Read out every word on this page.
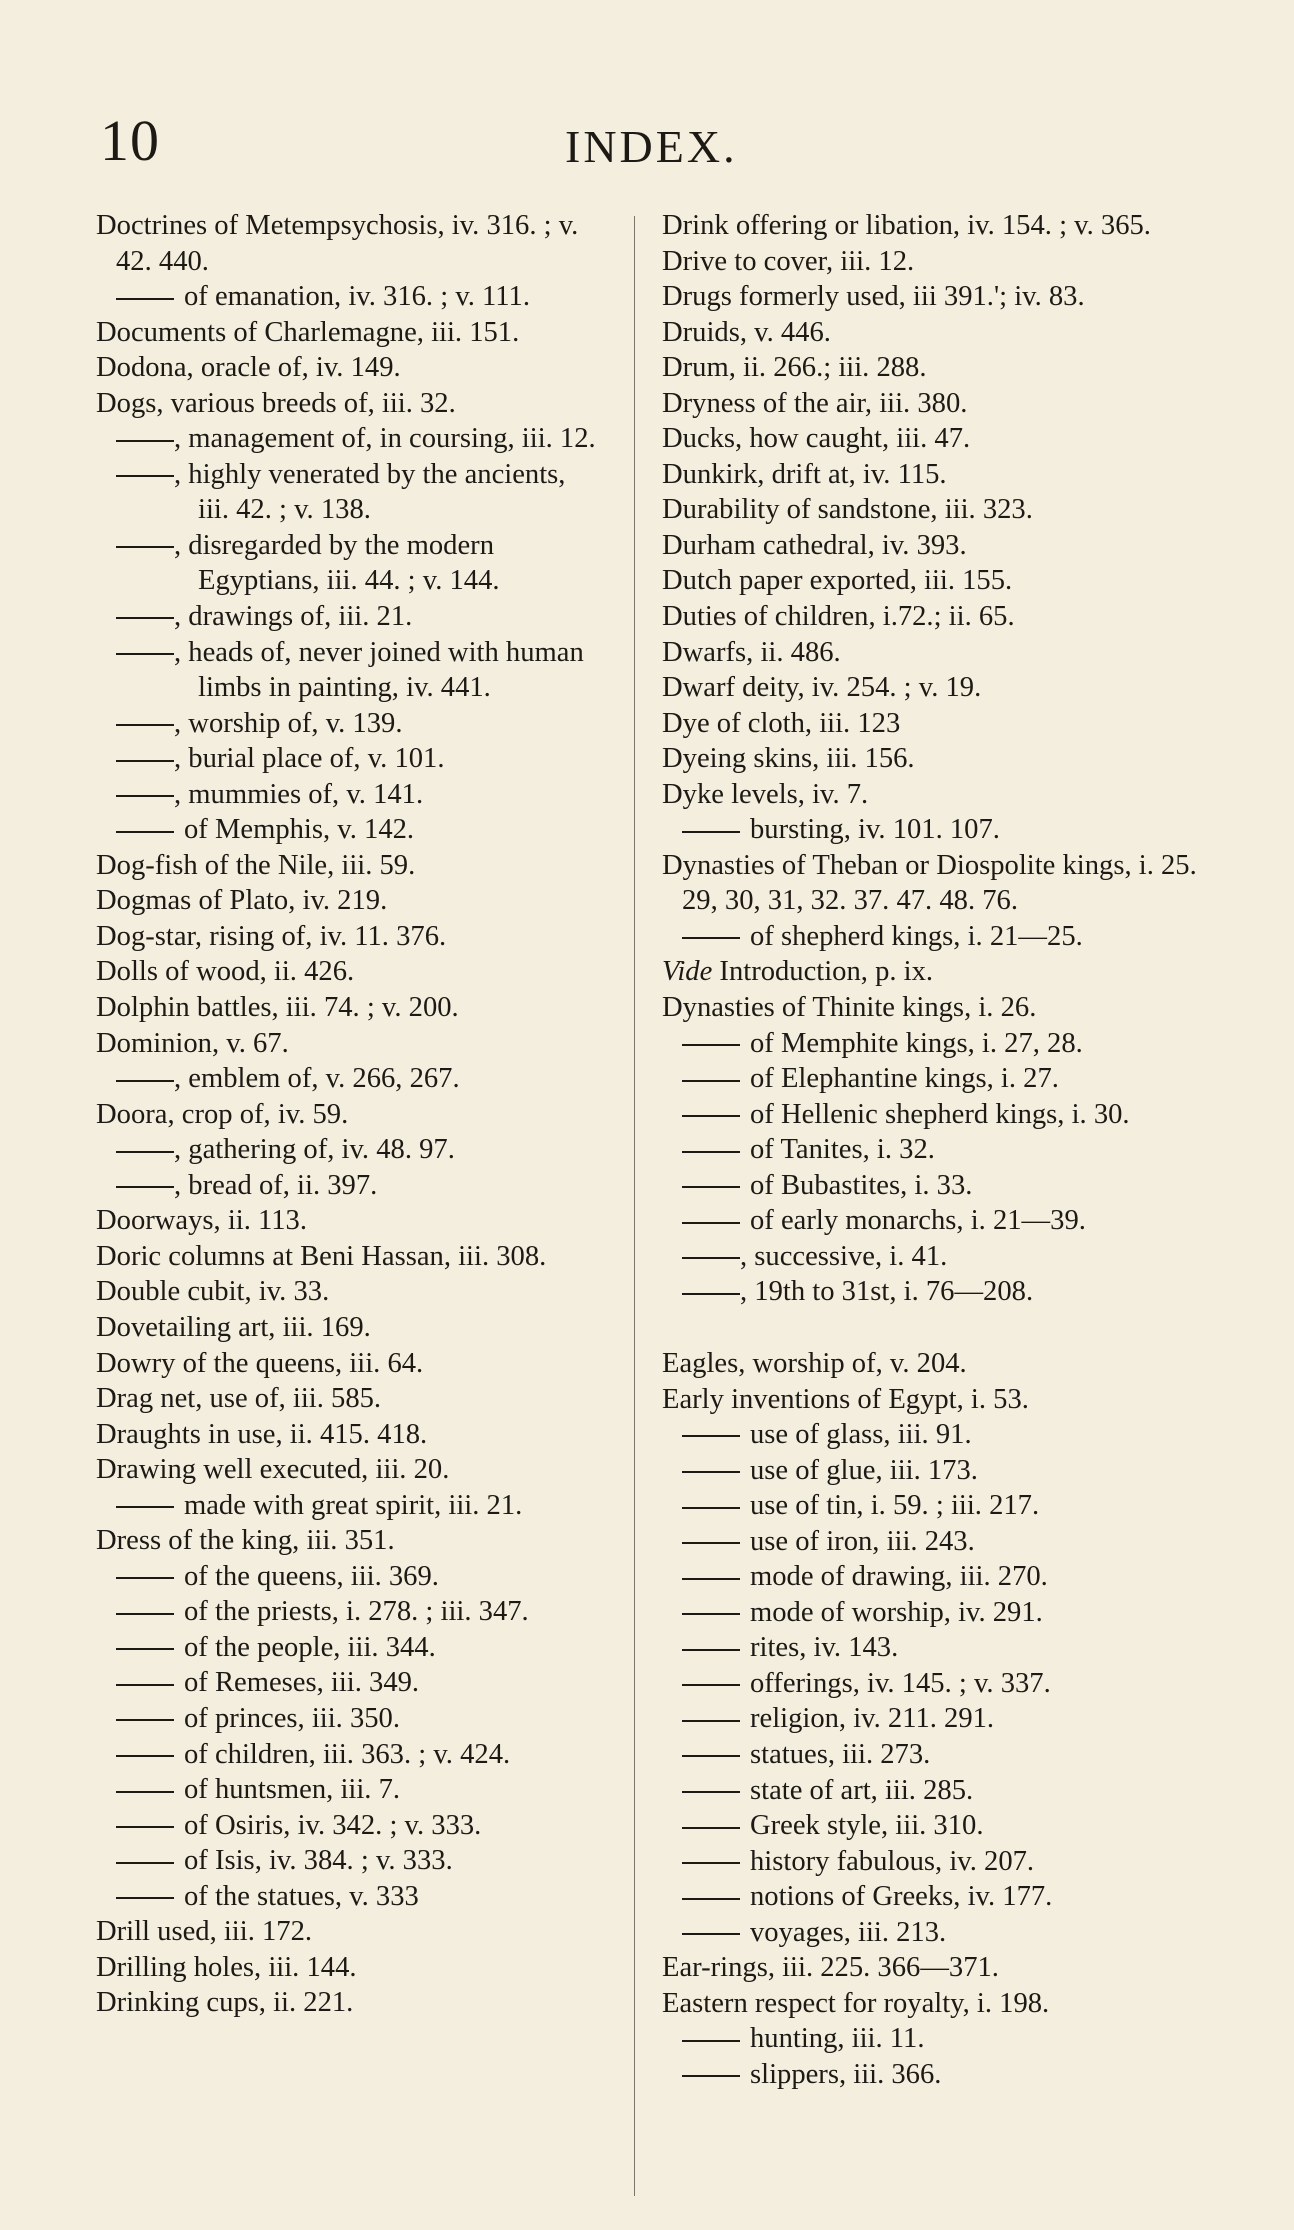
10	INDEX.
Doctrines of Metempsychosis, iv. 316. ; v. 42. 440.
of emanation, iv. 316. ; v. 111.
Documents of Charlemagne, iii. 151.
Dodona, oracle of, iv. 149.
Dogs, various breeds of, iii. 32.
, management of, in coursing, iii. 12.
, highly venerated by the ancients, iii. 42. ; v. 138.
, disregarded by the modern Egyptians, iii. 44. ; v. 144.
, drawings of, iii. 21.
, heads of, never joined with human limbs in painting, iv. 441.
, worship of, v. 139.
, burial place of, v. 101.
, mummies of, v. 141.
of Memphis, v. 142.
Dog-fish of the Nile, iii. 59.
Dogmas of Plato, iv. 219.
Dog-star, rising of, iv. 11. 376.
Dolls of wood, ii. 426.
Dolphin battles, iii. 74. ; v. 200.
Dominion, v. 67.
, emblem of, v. 266, 267.
Doora, crop of, iv. 59.
, gathering of, iv. 48. 97.
, bread of, ii. 397.
Doorways, ii. 113.
Doric columns at Beni Hassan, iii. 308.
Double cubit, iv. 33.
Dovetailing art, iii. 169.
Dowry of the queens, iii. 64.
Drag net, use of, iii. 585.
Draughts in use, ii. 415. 418.
Drawing well executed, iii. 20.
made with great spirit, iii. 21.
Dress of the king, iii. 351.
of the queens, iii. 369.
of the priests, i. 278. ; iii. 347.
of the people, iii. 344.
of Remeses, iii. 349.
of princes, iii. 350.
of children, iii. 363. ; v. 424.
of huntsmen, iii. 7.
of Osiris, iv. 342. ; v. 333.
of Isis, iv. 384. ; v. 333.
of the statues, v. 333
Drill used, iii. 172.
Drilling holes, iii. 144.
Drinking cups, ii. 221.
Drink offering or libation, iv. 154. ; v. 365.
Drive to cover, iii. 12.
Drugs formerly used, iii 391.'; iv. 83.
Druids, v. 446.
Drum, ii. 266.; iii. 288.
Dryness of the air, iii. 380.
Ducks, how caught, iii. 47.
Dunkirk, drift at, iv. 115.
Durability of sandstone, iii. 323.
Durham cathedral, iv. 393.
Dutch paper exported, iii. 155.
Duties of children, i.72.; ii. 65.
Dwarfs, ii. 486.
Dwarf deity, iv. 254. ; v. 19.
Dye of cloth, iii. 123
Dyeing skins, iii. 156.
Dyke levels, iv. 7.
bursting, iv. 101. 107.
Dynasties of Theban or Diospolite kings, i. 25. 29, 30, 31, 32. 37. 47. 48. 76.
of shepherd kings, i. 21—25.
Vide Introduction, p. ix.
Dynasties of Thinite kings, i. 26.
of Memphite kings, i. 27, 28.
of Elephantine kings, i. 27.
of Hellenic shepherd kings, i. 30.
of Tanites, i. 32.
of Bubastites, i. 33.
of early monarchs, i. 21—39.
, successive, i. 41.
, 19th to 31st, i. 76—208.
Eagles, worship of, v. 204.
Early inventions of Egypt, i. 53.
use of glass, iii. 91.
use of glue, iii. 173.
use of tin, i. 59. ; iii. 217.
use of iron, iii. 243.
mode of drawing, iii. 270.
mode of worship, iv. 291.
rites, iv. 143.
offerings, iv. 145. ; v. 337.
religion, iv. 211. 291.
statues, iii. 273.
state of art, iii. 285.
Greek style, iii. 310.
history fabulous, iv. 207.
notions of Greeks, iv. 177.
voyages, iii. 213.
Ear-rings, iii. 225. 366—371.
Eastern respect for royalty, i. 198.
hunting, iii. 11.
slippers, iii. 366.
